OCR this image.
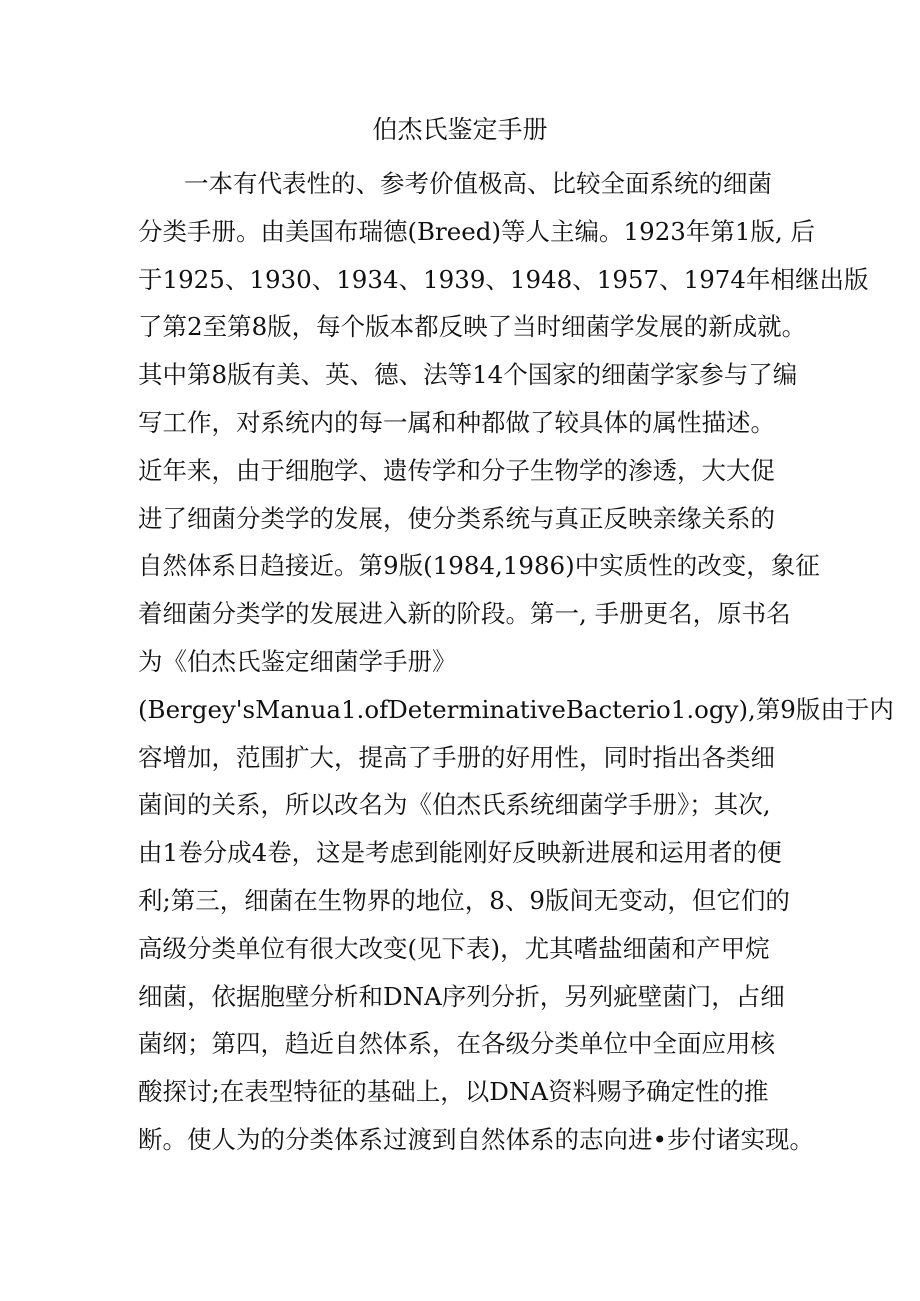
伯杰氏鉴定手册
一本有代表性的、参考价值极高、比较全面系统的细菌
分类手册。由美国布瑞德(Breed)等人主编。1923年第1版, 后
于1925、1930、1934、1939、1948、1957、1974年相继出版
了第2至第8版，每个版本都反映了当时细菌学发展的新成就。
其中第8版有美、英、德、法等14个国家的细菌学家参与了编
写工作，对系统内的每一属和种都做了较具体的属性描述。
近年来，由于细胞学、遗传学和分子生物学的渗透，大大促
进了细菌分类学的发展，使分类系统与真正反映亲缘关系的
自然体系日趋接近。第9版(1984,1986)中实质性的改变，象征
着细菌分类学的发展进入新的阶段。第一, 手册更名，原书名
为《伯杰氏鉴定细菌学手册》
(Bergey'sManua1.ofDeterminativeBacterio1.ogy),第9版由于内
容增加，范围扩大，提高了手册的好用性，同时指出各类细
菌间的关系，所以改名为《伯杰氏系统细菌学手册》；其次,
由1卷分成4卷，这是考虑到能刚好反映新进展和运用者的便
利;第三，细菌在生物界的地位，8、9版间无变动，但它们的
高级分类单位有很大改变(见下表)，尤其嗜盐细菌和产甲烷
细菌，依据胞壁分析和DNA序列分折，另列疵壁菌门，占细
菌纲；第四，趋近自然体系，在各级分类单位中全面应用核
酸探讨;在表型特征的基础上，以DNA资料赐予确定性的推
断。使人为的分类体系过渡到自然体系的志向进•步付诸实现。
